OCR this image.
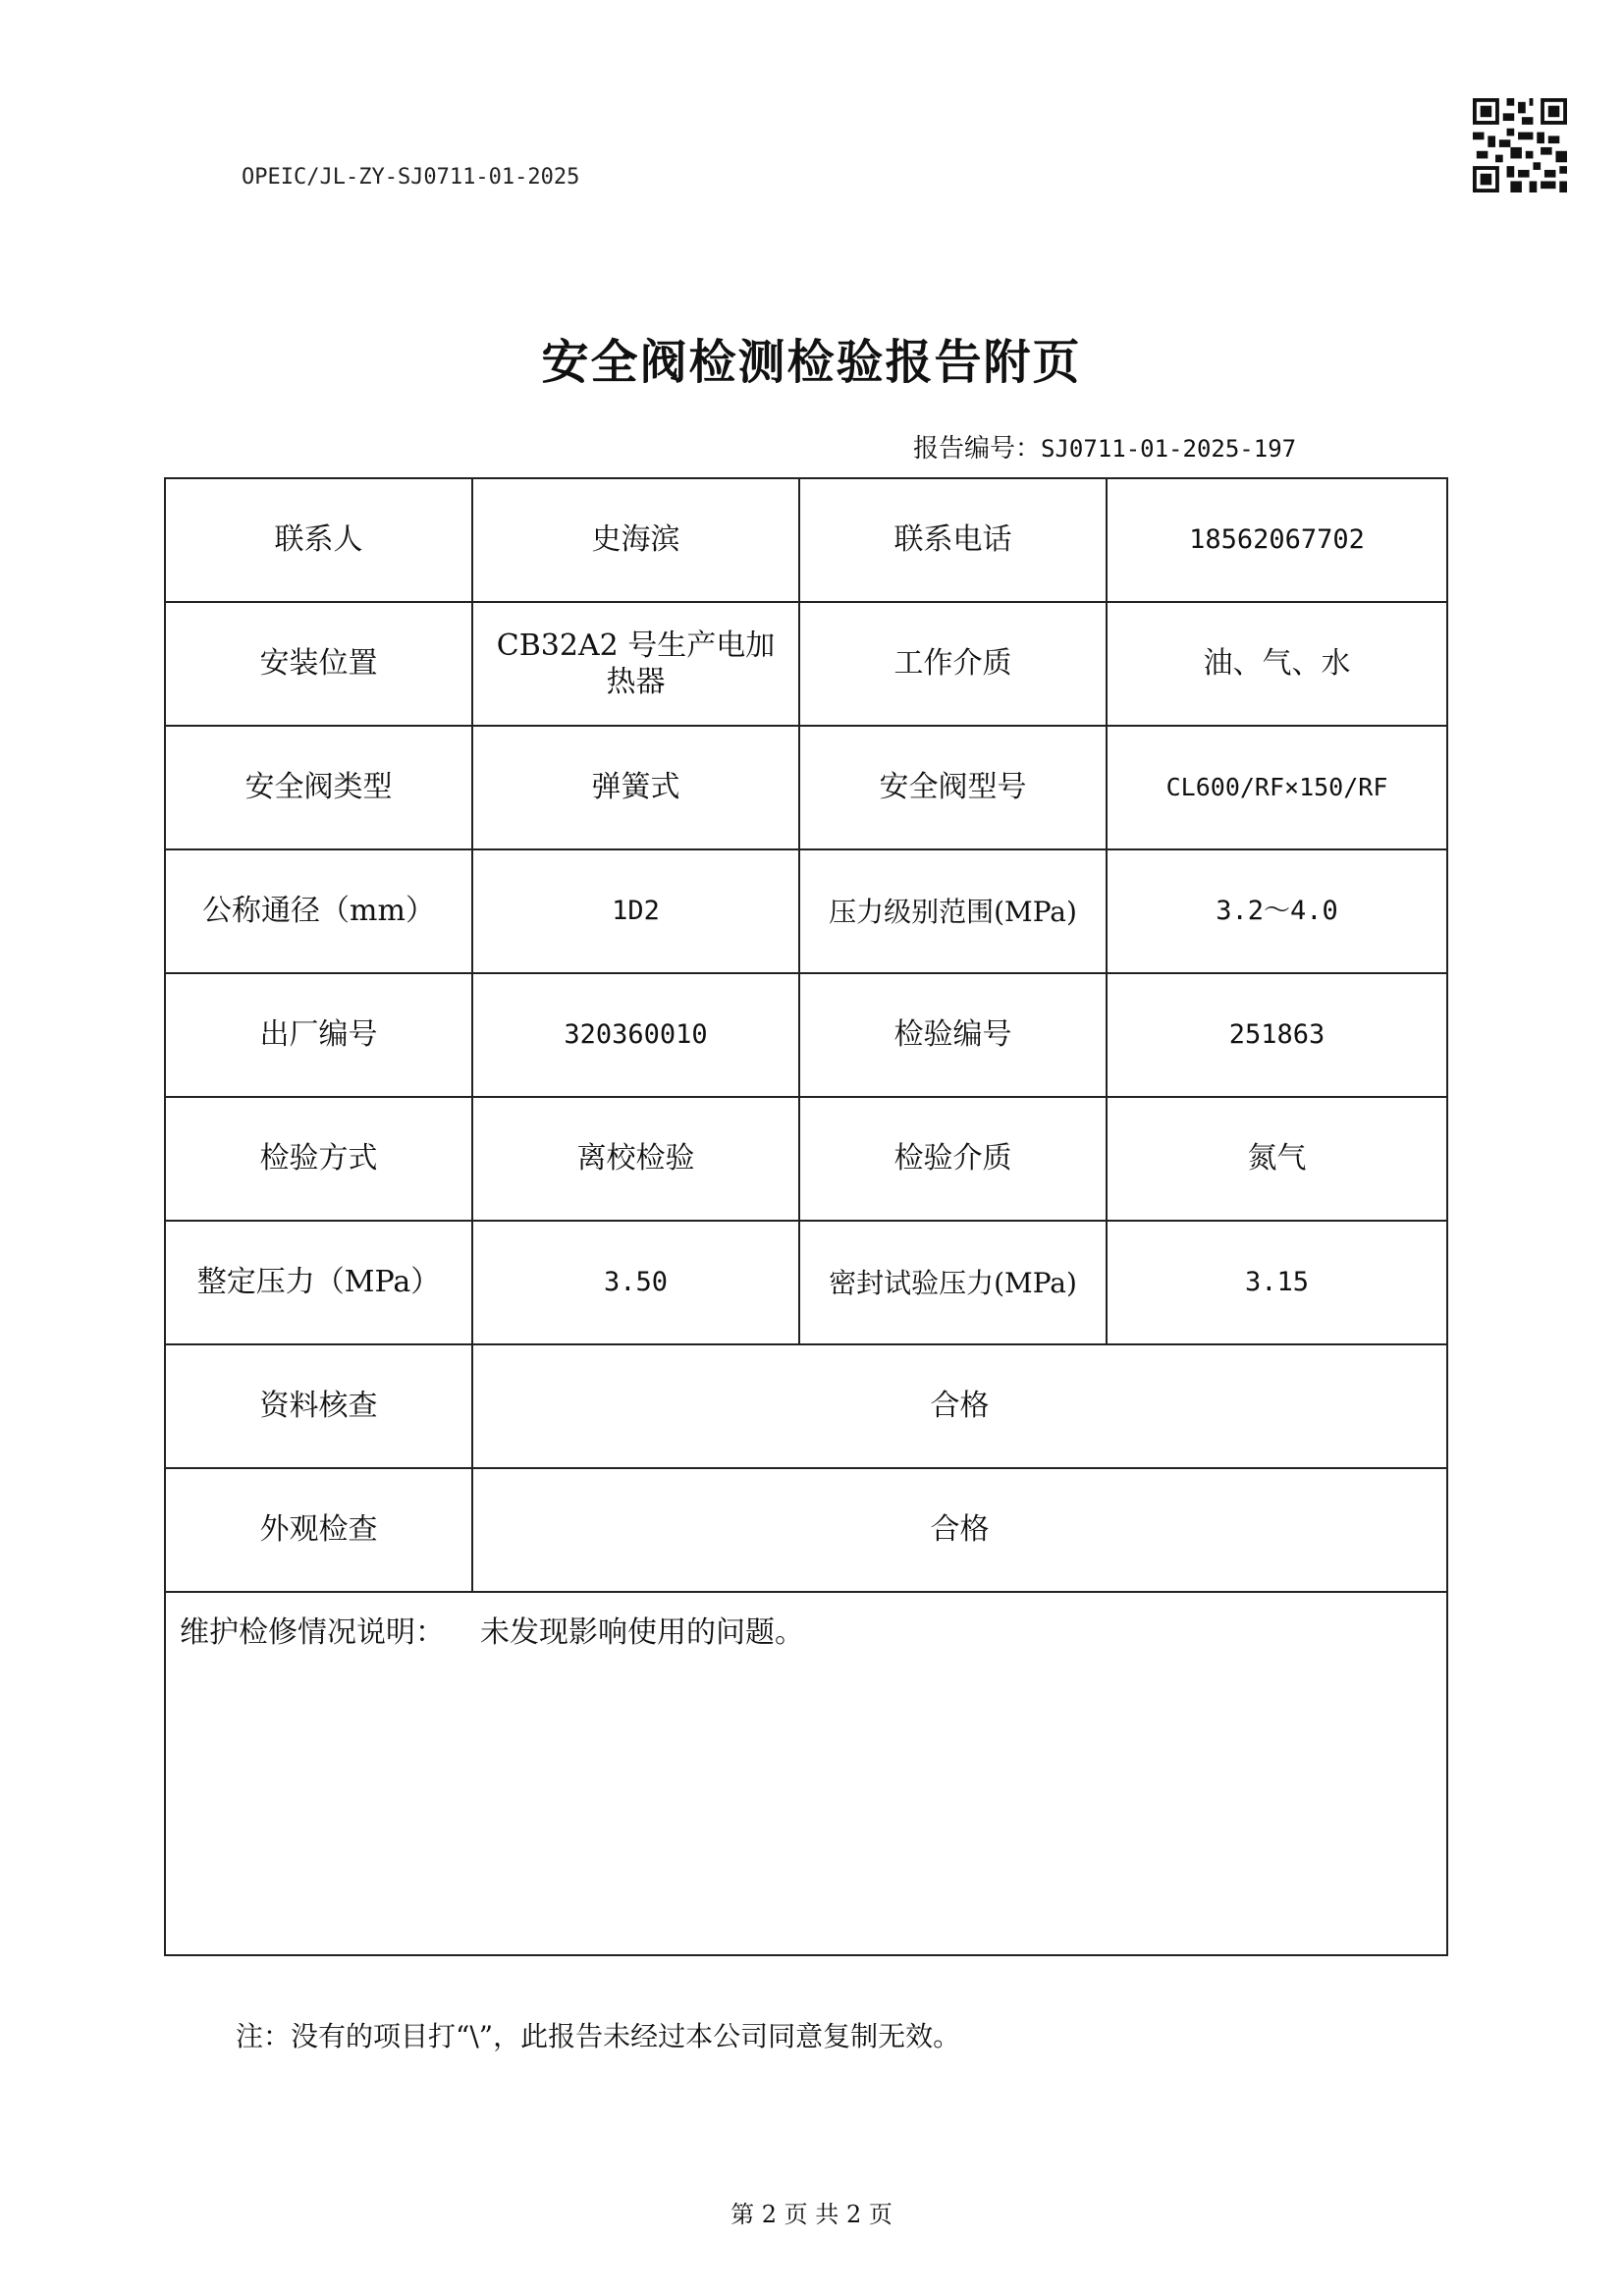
OPEIC/JL-ZY-SJ0711-01-2025
安全阀检测检验报告附页
报告编号：SJ0711-01-2025-197
联系人	史海滨	联系电话	18562067702
安装位置	CB32A2 号生产电加热器	工作介质	油、气、水
安全阀类型	弹簧式	安全阀型号	CL600/RF×150/RF
公称通径（mm）	1D2	压力级别范围(MPa)	3.2～4.0
出厂编号	320360010	检验编号	251863
检验方式	离校检验	检验介质	氮气
整定压力（MPa）	3.50	密封试验压力(MPa)	3.15
资料核查	合格		
外观检查	合格		
维护检修情况说明： 未发现影响使用的问题。			
注：没有的项目打“\”，此报告未经过本公司同意复制无效。
第 2 页 共 2 页
